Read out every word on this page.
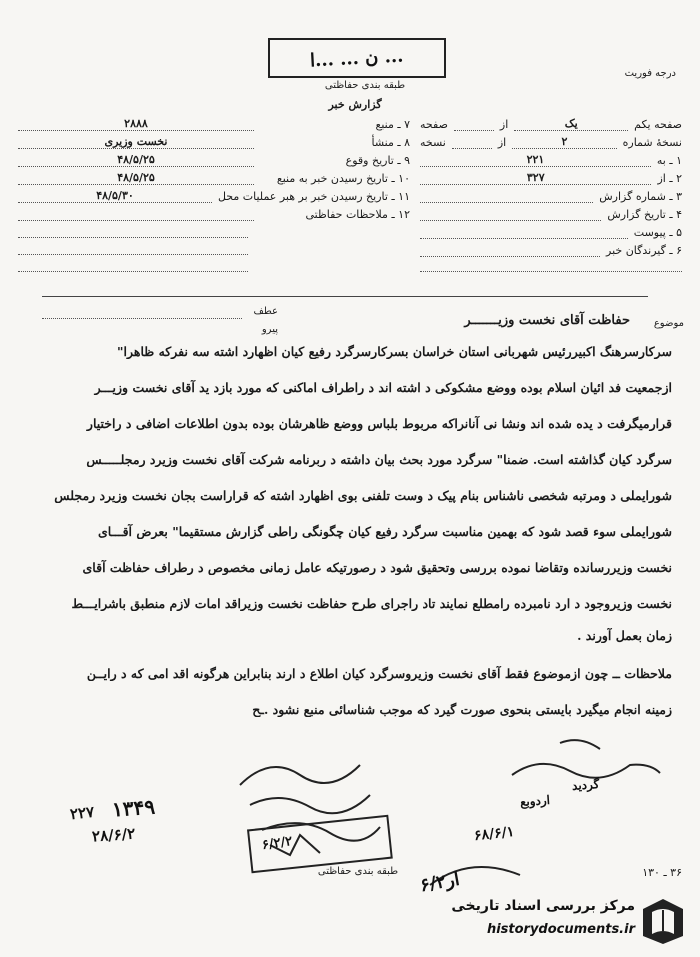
ن ... ...ا ...
طبقه بندی حفاظتی
درجه فوریت
گزارش خبر
صفحه یکم
یک
از
صفحه
نسخهٔ شماره
۲
از
نسخه
۱ ـ به
۲۲۱
۲ ـ از
۳۲۷
۳ ـ شماره گزارش
۴ ـ تاریخ گزارش
۵ ـ پیوست
۶ ـ گیرندگان خبر
۷ ـ منبع
۲۸۸۸
۸ ـ منشأ
نخست وزیری
۹ ـ تاریخ وقوع
۴۸/۵/۲۵
۱۰ ـ تاریخ رسیدن خبر به منبع
۴۸/۵/۲۵
۱۱ ـ تاریخ رسیدن خبر بر هبر عملیات محل
۴۸/۵/۳۰
۱۲ ـ ملاحظات حفاظتی
عطف
پیرو
موضوع
حفاظت آقای نخست وزیـــــــر
سرکارسرهنگ اکبیررئیس شهربانی استان خراسان بسرکارسرگرد رفیع کیان اظهارد اشته سه نفرکه ظاهرا"
ازجمعیت فد ائیان اسلام بوده ووضع مشکوکی د اشته اند د راطراف اماکنی که مورد بازد ید آقای نخست وزیـــر
قرارمیگرفت د یده شده اند ونشا نی آنانراکه مربوط بلباس ووضع ظاهرشان بوده بدون اطلاعات اضافی د راختیار
سرگرد کیان گذاشته است. ضمنا" سرگرد مورد بحث بیان داشته د ربرنامه شرکت آقای نخست وزیرد رمجلـــــس
شورایملی د ومرتبه شخصی ناشناس بنام پیک د وست تلفنی بوی اظهارد اشته که قراراست بجان نخست وزیرد رمجلس
شورایملی سوء قصد شود که بهمین مناسبت سرگرد رفیع کیان چگونگی راطی گزارش مستقیما" بعرض آقـــای
نخست وزیررسانده وتقاضا نموده بررسی وتحقیق شود د رصورتیکه عامل زمانی مخصوص د رطراف حفاظت آقای
نخست وزیروجود د ارد نامبرده رامطلع نمایند تاد راجرای طرح حفاظت نخست وزیراقد امات لازم منطبق باشرایـــط
زمان بعمل آورند .
ملاحظات ــ چون ازموضوع فقط آقای نخست وزیروسرگرد کیان اطلاع د ارند بنابراین هرگونه اقد امی که د رایــن
زمینه انجام میگیرد بایستی بنحوی صورت گیرد که موجب شناسائی منبع نشود .ـح
گردید
اردوبع
۱۳۴۹
۲۲۷
۲۸/۶/۲	۶۸/۶/۱
۶/۲/۲
ار۶/۲
طبقه بندی حفاظتی	۳۶ ـ ۱۳۰
مرکز بررسی اسناد تاریخی
historydocuments.ir
